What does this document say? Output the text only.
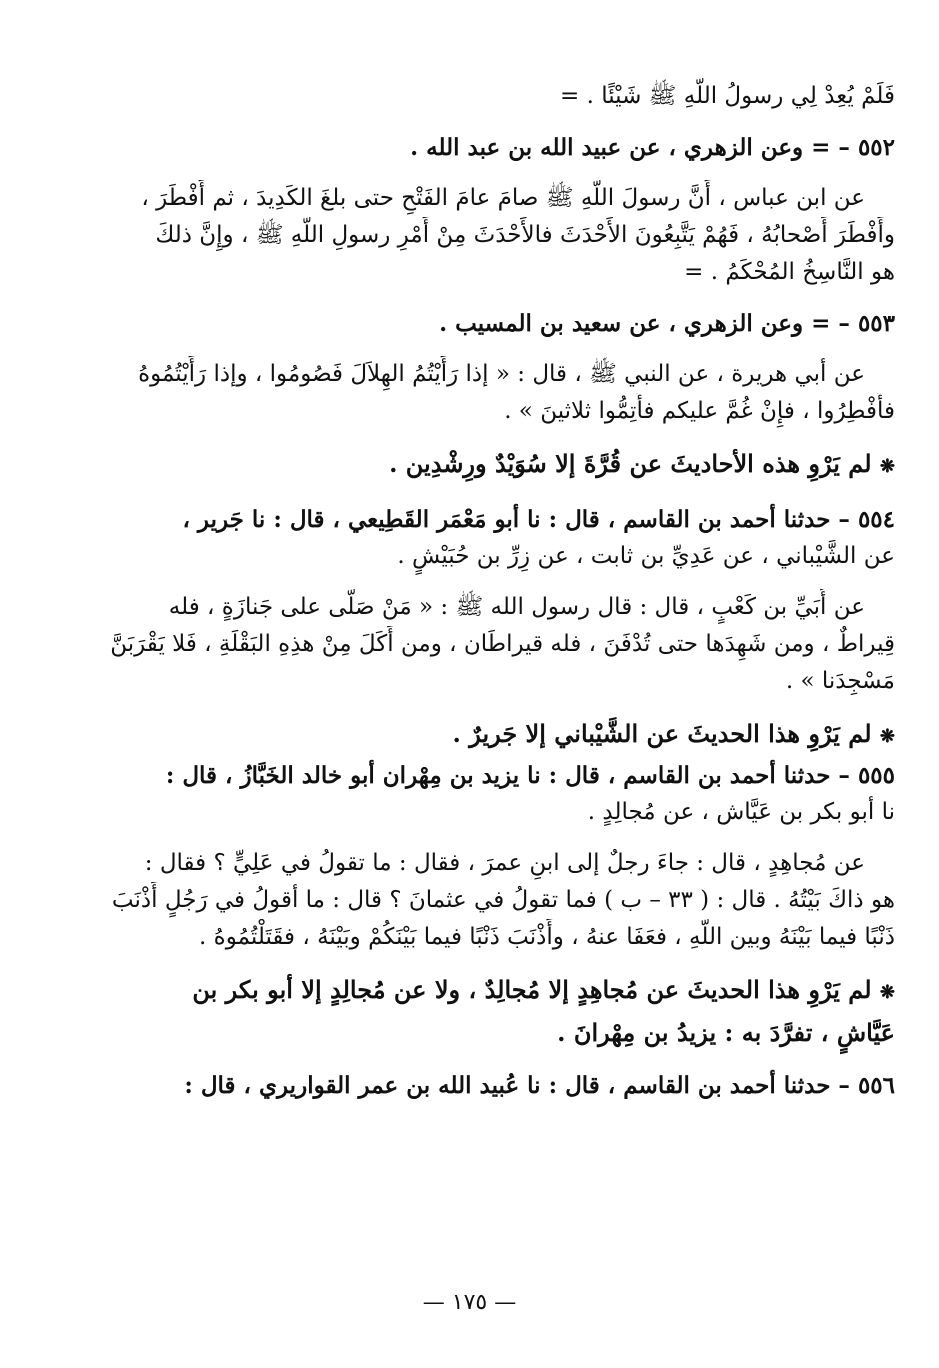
فَلَمْ يُعِدْ لِي رسولُ اللَّهِ ﷺ شَيْئًا . =
٥٥٢ – = وعن الزهري ، عن عبيد الله بن عبد الله .
عن ابن عباس ، أَنَّ رسولَ اللَّهِ ﷺ صامَ عامَ الفَتْحِ حتى بلغَ الكَدِيدَ ، ثم أَفْطَرَ ،
وأَفْطَرَ أَصْحابُهُ ، فَهُمْ يَتَّبِعُونَ الأَحْدَثَ فالأَحْدَثَ مِنْ أَمْرِ رسولِ اللَّهِ ﷺ ، وإِنَّ ذلكَ
هو النَّاسِخُ المُحْكَمُ . =
٥٥٣ – = وعن الزهري ، عن سعيد بن المسيب .
عن أبي هريرة ، عن النبي ﷺ ، قال : « إذا رَأَيْتُمُ الهِلاَلَ فَصُومُوا ، وإذا رَأَيْتُمُوهُ
فأَفْطِرُوا ، فإِنْ غُمَّ عليكم فأَتِمُّوا ثلاثينَ » .
❋ لم يَرْوِ هذه الأحاديثَ عن قُرَّةَ إلا سُوَيْدٌ ورِشْدِين .
٥٥٤ – حدثنا أحمد بن القاسم ، قال : نا أبو مَعْمَر القَطِيعي ، قال : نا جَرير ،
عن الشَّيْباني ، عن عَدِيِّ بن ثابت ، عن زِرِّ بن حُبَيْشٍ .
عن أُبَيِّ بن كَعْبٍ ، قال : قال رسول الله ﷺ : « مَنْ صَلَّى على جَنازَةٍ ، فله
قِيراطٌ ، ومن شَهِدَها حتى تُدْفَنَ ، فله قيراطَان ، ومن أَكَلَ مِنْ هذِهِ البَقْلَةِ ، فَلا يَقْرَبَنَّ
مَسْجِدَنا » .
❋ لم يَرْوِ هذا الحديثَ عن الشَّيْباني إلا جَريرٌ .
٥٥٥ – حدثنا أحمد بن القاسم ، قال : نا يزيد بن مِهْران أبو خالد الخَبَّازُ ، قال :
نا أبو بكر بن عَيَّاش ، عن مُجالِدٍ .
عن مُجاهِدٍ ، قال : جاءَ رجلٌ إلى ابنِ عمرَ ، فقال : ما تقولُ في عَلِيٍّ ؟ فقال :
هو ذاكَ بَيْتُهُ . قال : ( ٣٣ – ب ) فما تقولُ في عثمانَ ؟ قال : ما أقولُ في رَجُلٍ أَذْنَبَ
ذَنْبًا فيما بَيْنَهُ وبين اللَّهِ ، فعَفَا عنهُ ، وأَذْنَبَ ذَنْبًا فيما بَيْنَكُمْ وبَيْنَهُ ، فقَتَلْتُمُوهُ .
❋ لم يَرْوِ هذا الحديثَ عن مُجاهِدٍ إلا مُجالِدٌ ، ولا عن مُجالِدٍ إلا أبو بكر بن
عَيَّاشٍ ، تفرَّدَ به : يزيدُ بن مِهْرانَ .
٥٥٦ – حدثنا أحمد بن القاسم ، قال : نا عُبيد الله بن عمر القواريري ، قال :
— ١٧٥ —
